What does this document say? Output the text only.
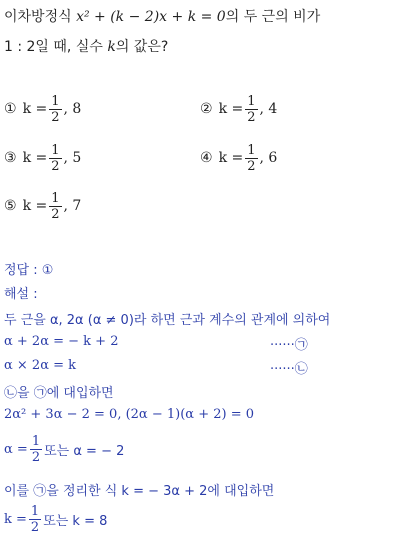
이차방정식 x² + (k − 2)x + k = 0의 두 근의 비가
1 : 2일 때, 실수 k의 값은?
① $k = \frac{1}{2}$ , 8	② $k = \frac{1}{2}$ , 4
③ $k = \frac{1}{2}$ , 5	④ $k = \frac{1}{2}$ , 6
⑤ $k = \frac{1}{2}$ , 7
정답 : ①
해설 :
두 근을 α, 2α (α ≠ 0)라 하면 근과 계수의 관계에 의하여
α + 2α = − k + 2	······㉠
α × 2α = k	······㉡
㉡을 ㉠에 대입하면
2α² + 3α − 2 = 0, (2α − 1)(α + 2) = 0
$\alpha = \frac{1}{2}$ 또는 α = − 2
이를 ㉠을 정리한 식 k = − 3α + 2에 대입하면
$k = \frac{1}{2}$ 또는 k = 8
